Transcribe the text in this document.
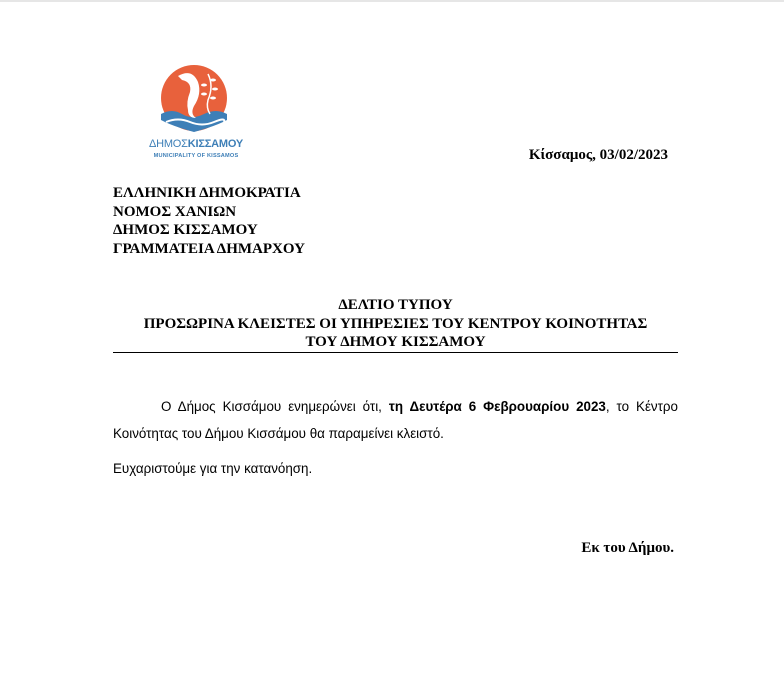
ΔΗΜΟΣΚΙΣΣΑΜΟΥ
MUNICIPALITY OF KISSAMOS	Κίσσαμος, 03/02/2023
ΕΛΛΗΝΙΚΗ ΔΗΜΟΚΡΑΤΙΑ
ΝΟΜΟΣ ΧΑΝΙΩΝ
ΔΗΜΟΣ ΚΙΣΣΑΜΟΥ
ΓΡΑΜΜΑΤΕΙΑ ΔΗΜΑΡΧΟΥ
ΔΕΛΤΙΟ ΤΥΠΟΥ
ΠΡΟΣΩΡΙΝΑ ΚΛΕΙΣΤΕΣ ΟΙ ΥΠΗΡΕΣΙΕΣ ΤΟΥ ΚΕΝΤΡΟΥ ΚΟΙΝΟΤΗΤΑΣ
ΤΟΥ ΔΗΜΟΥ ΚΙΣΣΑΜΟΥ

Ο Δήμος Κισσάμου ενημερώνει ότι, τη Δευτέρα 6 Φεβρουαρίου 2023, το Κέντρο Κοινότητας του Δήμου Κισσάμου θα παραμείνει κλειστό.

Ευχαριστούμε για την κατανόηση.
Εκ του Δήμου.
